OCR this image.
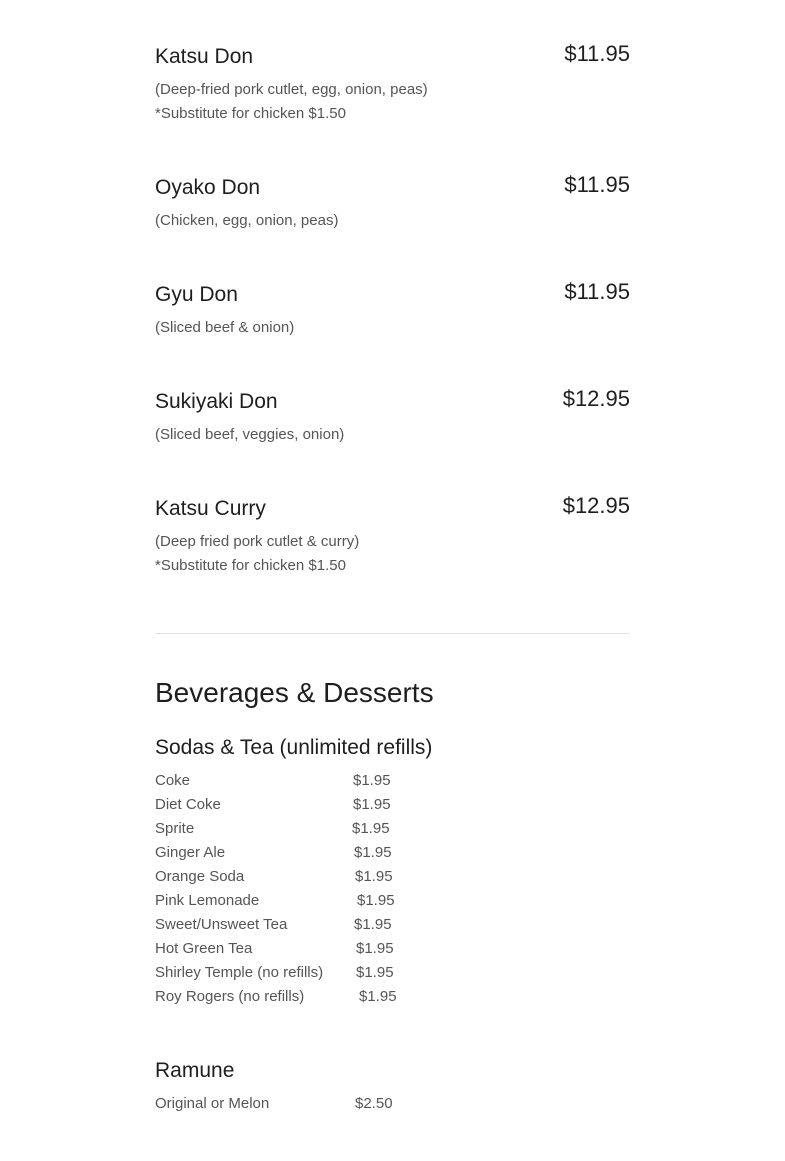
Katsu Don	$11.95
(Deep-fried pork cutlet, egg, onion, peas)
*Substitute for chicken $1.50
Oyako Don	$11.95
(Chicken, egg, onion, peas)
Gyu Don	$11.95
(Sliced beef & onion)
Sukiyaki Don	$12.95
(Sliced beef, veggies, onion)
Katsu Curry	$12.95
(Deep fried pork cutlet & curry)
*Substitute for chicken $1.50
Beverages & Desserts
Sodas & Tea (unlimited refills)
Coke	$1.95
Diet Coke	$1.95
Sprite	$1.95
Ginger Ale	$1.95
Orange Soda	$1.95
Pink Lemonade	$1.95
Sweet/Unsweet Tea	$1.95
Hot Green Tea	$1.95
Shirley Temple (no refills) $1.95
Roy Rogers (no refills)	$1.95
Ramune
Original or Melon	$2.50
